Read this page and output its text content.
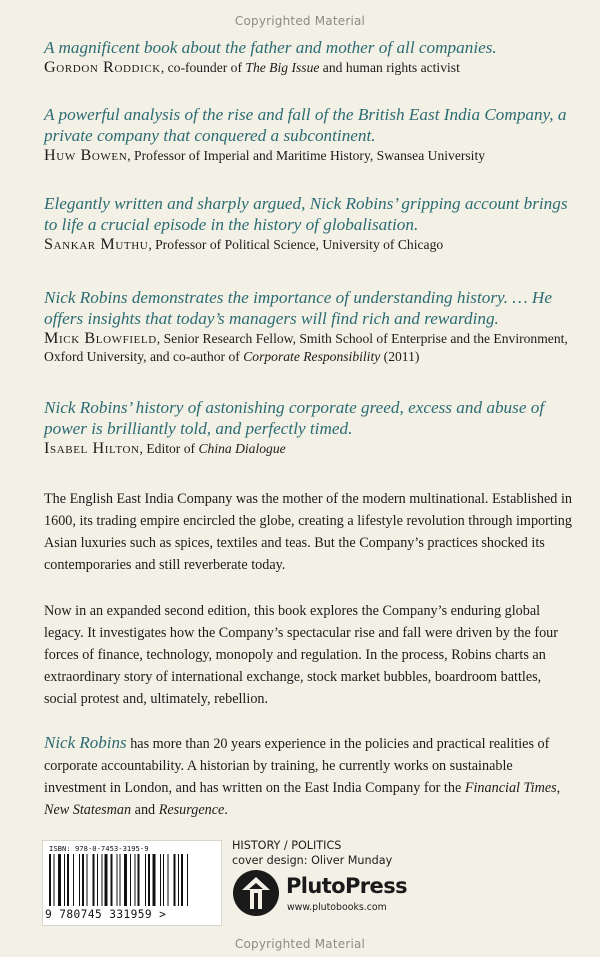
Copyrighted Material

A magnificent book about the father and mother of all companies.

Gordon Roddick, co-founder of The Big Issue and human rights activist

A powerful analysis of the rise and fall of the British East India Company, a private company that conquered a subcontinent.

Huw Bowen, Professor of Imperial and Maritime History, Swansea University

Elegantly written and sharply argued, Nick Robins’ gripping account brings to life a crucial episode in the history of globalisation.

Sankar Muthu, Professor of Political Science, University of Chicago

Nick Robins demonstrates the importance of understanding history. … He offers insights that today’s managers will find rich and rewarding.

Mick Blowfield, Senior Research Fellow, Smith School of Enterprise and the Environment, Oxford University, and co-author of Corporate Responsibility (2011)

Nick Robins’ history of astonishing corporate greed, excess and abuse of power is brilliantly told, and perfectly timed.

Isabel Hilton, Editor of China Dialogue

The English East India Company was the mother of the modern multinational. Established in 1600, its trading empire encircled the globe, creating a lifestyle revolution through importing Asian luxuries such as spices, textiles and teas. But the Company’s practices shocked its contemporaries and still reverberate today.

Now in an expanded second edition, this book explores the Company’s enduring global legacy. It investigates how the Company’s spectacular rise and fall were driven by the four forces of finance, technology, monopoly and regulation. In the process, Robins charts an extraordinary story of international exchange, stock market bubbles, boardroom battles, social protest and, ultimately, rebellion.

Nick Robins has more than 20 years experience in the policies and practical realities of corporate accountability. A historian by training, he currently works on sustainable investment in London, and has written on the East India Company for the Financial Times, New Statesman and Resurgence.

ISBN: 978-0-7453-3195-9
9 780745 331959 >
HISTORY / POLITICS
cover design: Oliver Munday
PlutoPress
www.plutobooks.com
Copyrighted Material
